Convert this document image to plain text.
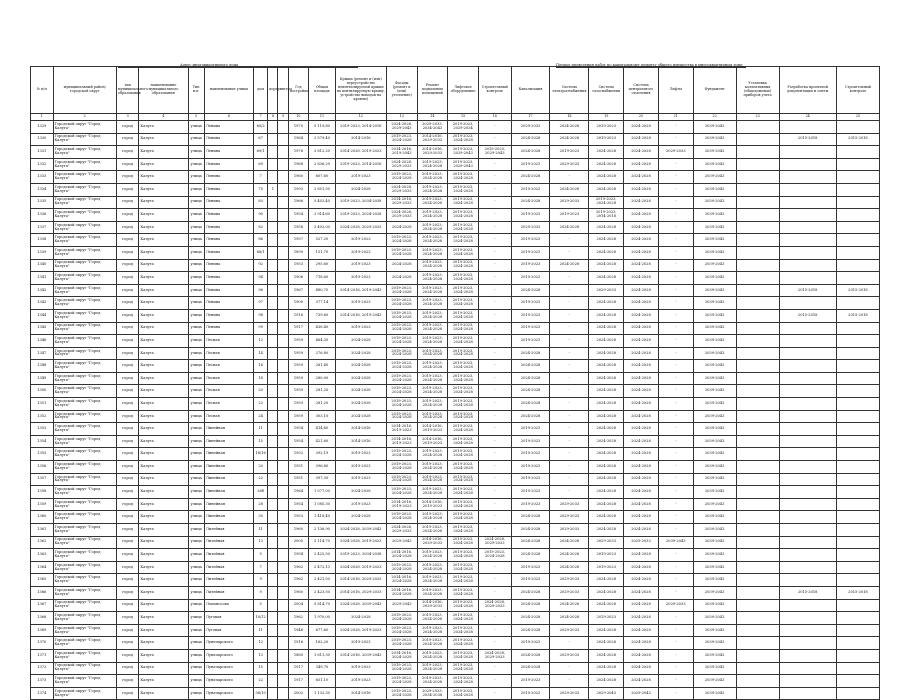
Адрес многоквартирного дома	Период проведения работ по капитальному ремонту общего имущества в многоквартирном доме
№ п/п	муниципальный район/городской округ	тип муниципального образования	наименование муниципального образования	Тип н.п.	наименование улицы	дом	корпус	литера	Год постройки	Общая площадь	Крыша (ремонт и (или) переустройство невентилируемой крыши на вентилируемую крышу, устройство выходов на кровлю)	Фасады (ремонт и (или) утепление)	Ремонт подвальных помещений	Лифтовое оборудование	Строительный контроль	Канализация	Система электроснабжения	Система газоснабжения	Система центрального отопления	Лифты	Фундамент	Установка коллективных (общедомовых) приборов учета	Разработка проектной документации и сметы	Строительный контроль
1	2	3	4	5	6	7	8	9	10	11	12	13	14	15	16	17	18	19	20	21	22	23	24	25
1329	Городской округ "Город Калуга"	город	Калуга	улица	Ленина	60/2			1970	5 119,80	2019-2023, 2014-2016	2024-2028, 2029-2043	2029-2033, 2034-2043	2019-2023, 2029-2034	-	2029-2033	2024-2028	2019-2023	2024-2028	-	2039-2043			
1330	Городской округ "Город Калуга"	город	Калуга	улица	Ленина	67			1964	2 579,40	2014-2016	2019-2023, 2024-2028	2014-2016, 2029-2033	2019-2023, 2024-2028	-	2024-2028	2024-2028	2019-2023	2024-2028	-	2039-2043		2015-2018	2015-2018
1331	Городской округ "Город Калуга"	город	Калуга	улица	Ленина	69/1			1976	3 812,20	2014-2028, 2019-2023	2014-2016, 2019-2043	2014-2016, 2029-2033	2019-2023, 2029-2043	2019-2023, 2029-2043	2024-2028	2019-2023	2024-2028	2024-2028	2029-2033	2039-2043			
1332	Городской округ "Город Калуга"	город	Калуга	улица	Ленина	69			1968	2 836,29	2019-2023, 2014-2016	2024-2028, 2029-2033	2019-2023, 2024-2028	2019-2023, 2029-2043	-	2019-2023	2029-2033	2024-2028	2024-2028	-	2039-2043			
1333	Городской округ "Город Калуга"	город	Калуга	улица	Ленина	7			1960	607,60	2019-2023	2019-2023, 2024-2028	2019-2023, 2024-2028	2019-2023, 2024-2028	-	2024-2028	-	2024-2028	2024-2028	-	2039-2043			
1334	Городской округ "Город Калуга"	город	Калуга	улица	Ленина	75	1		1993	2 851,50	2024-2028	2024-2028, 2029-2033	2019-2023, 2024-2028	2019-2023, 2024-2028	-	2019-2023	2024-2028	2024-2028	2024-2028	-	2039-2043			
1335	Городской округ "Город Калуга"	город	Калуга	улица	Ленина	83			1966	5 402,40	2019-2023, 2034-2038	2014-2016, 2029-2033	2019-2023, 2024-2028	2019-2023, 2024-2028	-	2024-2028	2029-2033	2019-2023, 2024-2028	2024-2028	-	2039-2043			
1336	Городской округ "Город Калуга"	город	Калуга	улица	Ленина	90			1954	2 914,60	2019-2023, 2024-2028	2024-2028, 2029-2033	2019-2023, 2024-2028	2019-2023, 2024-2028	-	2019-2023	2019-2023	2019-2023, 2014-2016	2024-2028	-	2039-2043			
1337	Городской округ "Город Калуга"	город	Калуга	улица	Ленина	82			1958	3 402,00	2024-2028, 2029-2033	2024-2028	2019-2023, 2024-2028	2019-2023, 2024-2028	-	2029-2033	2024-2028	2024-2028	2024-2028	-	2039-2043			
1338	Городской округ "Город Калуга"	город	Калуга	улица	Ленина	86			1957	527,20	2019-2023	2019-2023, 2024-2028	2019-2023, 2024-2028	2019-2023, 2024-2028	-	2019-2023	-	2024-2028	2024-2028	-	2039-2043			
1339	Городской округ "Город Калуга"	город	Калуга	улица	Ленина	88/1			1899	151,70	2019-2023	2019-2023, 2024-2028	2019-2023, 2024-2028	2019-2023, 2024-2028	-	2019-2023	-	2024-2028	2024-2028	-	2039-2043			
1340	Городской округ "Город Калуга"	город	Калуга	улица	Ленина	92			1953	295,60	2019-2023	2024-2028	2019-2023, 2024-2028	2019-2023, 2024-2028	-	2019-2023	2024-2028	2024-2028	2024-2028	-	2039-2043			
1341	Городской округ "Город Калуга"	город	Калуга	улица	Ленина	94			1906	718,60	2019-2023	2024-2028	2019-2023, 2024-2028	2019-2023, 2024-2028	-	2019-2023	-	2024-2028	2024-2028	-	2039-2043			
1342	Городской округ "Город Калуга"	город	Калуга	улица	Ленина	96			1967	480,70	2014-2016, 2019-2043	2019-2023, 2024-2028	2019-2023, 2024-2028	2019-2023, 2024-2028	-	2024-2028	-	2029-2033	2024-2028	-	2039-2043		2015-2018	2015-2018
1343	Городской округ "Город Калуга"	город	Калуга	улица	Ленина	97			1900	377,14	2019-2023	2019-2023, 2024-2028	2019-2023, 2024-2028	2019-2023, 2024-2028	-	2019-2023	-	2024-2028	2024-2028	-	2039-2043			
1344	Городской округ "Город Калуга"	город	Калуга	улица	Ленина	98			1916	739,60	2014-2016, 2019-2043	2019-2023, 2024-2028	2019-2023, 2024-2028	2019-2023, 2024-2028	-	2019-2023	-	2024-2028	2024-2028	-	2039-2043		2015-2018	2015-2018
1345	Городской округ "Город Калуга"	город	Калуга	улица	Ленина	99			1917	438,40	2019-2023	2019-2023, 2024-2028	2019-2023, 2024-2028	2019-2023, 2024-2028	-	2019-2023	-	2024-2028	2024-2028	-	2039-2043			
1346	Городской округ "Город Калуга"	город	Калуга	улица	Лесная	12			1959	464,30	2024-2028	2019-2023, 2024-2028	2019-2023, 2024-2028	2019-2023, 2024-2028	-	2019-2023	-	2024-2028	2024-2028	-	2039-2043			
1347	Городской округ "Город Калуга"	город	Калуга	улица	Лесная	14			1959	276,80	2024-2028	2019-2023, 2024-2028	2019-2023, 2024-2028	2019-2023, 2024-2028	-	2024-2028	-	2024-2028	2024-2028	-	2039-2043			
1348	Городской округ "Город Калуга"	город	Калуга	улица	Лесная	16			1959	281,40	2024-2028	2019-2023, 2024-2028	2019-2023, 2024-2028	2019-2023, 2024-2028	-	2024-2028	-	2024-2028	2024-2028	-	2039-2043			
1349	Городской округ "Город Калуга"	город	Калуга	улица	Лесная	18			1959	280,00	2024-2028	2019-2023, 2024-2028	2019-2023, 2024-2028	2019-2023, 2024-2028	-	2024-2028	-	2024-2028	2024-2028	-	2039-2043			
1350	Городской округ "Город Калуга"	город	Калуга	улица	Лесная	20			1959	281,20	2024-2028	2019-2023, 2024-2028	2019-2023, 2024-2028	2019-2023, 2024-2028	-	2024-2028	-	2024-2028	2024-2028	-	2039-2043			
1351	Городской округ "Город Калуга"	город	Калуга	улица	Лесная	22			1959	281,20	2024-2028	2019-2023, 2024-2028	2019-2023, 2024-2028	2019-2023, 2024-2028	-	2024-2028	-	2024-2028	2024-2028	-	2039-2043			
1352	Городской округ "Город Калуга"	город	Калуга	улица	Лесная	24			1959	303,10	2024-2028	2019-2023, 2024-2028	2019-2023, 2024-2028	2019-2023, 2024-2028	-	2024-2028	-	2024-2028	2024-2028	-	2039-2043			
1353	Городской округ "Город Калуга"	город	Калуга	улица	Линейная	11			1954	414,60	2014-2016	2014-2016, 2019-2023	2014-2016, 2019-2023	2019-2023, 2024-2028	-	2019-2023	-	2024-2028	2024-2028	-	2039-2043			
1354	Городской округ "Город Калуга"	город	Калуга	улица	Линейная	15			1954	421,60	2014-2016	2014-2016, 2019-2023	2014-2016, 2019-2023	2019-2023, 2024-2028	-	2019-2023	-	2024-2028	2024-2028	-	2039-2043			
1355	Городской округ "Город Калуга"	город	Калуга	улица	Линейная	18/16			1952	392,19	2019-2023	2019-2023, 2024-2028	2019-2023, 2024-2028	2019-2023, 2024-2028	-	2019-2023	-	2024-2028	2024-2028	-	2039-2043			
1356	Городской округ "Город Калуга"	город	Калуга	улица	Линейная	20			1951	396,60	2019-2023	2019-2023, 2024-2028	2019-2023, 2024-2028	2019-2023, 2024-2028	-	2019-2023	-	2024-2028	2024-2028	-	2039-2043			
1357	Городской округ "Город Калуга"	город	Калуга	улица	Линейная	22			1951	397,30	2019-2023	2019-2023, 2024-2028	2019-2023, 2024-2028	2019-2023, 2024-2028	-	2019-2023	-	2024-2028	2024-2028	-	2039-2043			
1358	Городской округ "Город Калуга"	город	Калуга	улица	Линейная	26б			1964	1 077,00	2024-2028	2019-2023, 2024-2028	2019-2023, 2024-2028	2019-2023, 2024-2028	-	2019-2023	-	2024-2028	2024-2028	-	2039-2043			
1359	Городской округ "Город Калуга"	город	Калуга	улица	Линейная	28			1954	1 085,30	2019-2023	2014-2016, 2019-2023	2014-2016, 2019-2023	2019-2023, 2024-2028	-	2019-2023	2029-2033	2024-2028	2024-2028	-	2039-2043			
1360	Городской округ "Город Калуга"	город	Калуга	улица	Линейная	30			1953	1 418,40	2024-2028	2019-2023, 2024-2028	2019-2023, 2024-2028	2019-2023, 2024-2028	-	2024-2028	2029-2033	2024-2028	2024-2028	-	2039-2043			
1361	Городской округ "Город Калуга"	город	Калуга	улица	Литейная	11			1960	2 136,90	2024-2028, 2039-2043	2024-2028, 2029-2033	2019-2023, 2024-2028	2019-2023, 2024-2028	-	2024-2028	2029-2033	2024-2028	2024-2028	-	2039-2043			
1362	Городской округ "Город Калуга"	город	Калуга	улица	Литейная	13			2005	5 114,70	2024-2028, 2019-2023	2029-2043	2014-2016, 2029-2033	2019-2023, 2024-2028	2024-2028, 2029-2033	2024-2028	2024-2028	2029-2033	2029-2033	2039-2043	2039-2043			
1363	Городской округ "Город Калуга"	город	Калуга	улица	Литейная	5			1994	2 425,50	2019-2023, 2034-2038	2014-2016, 2024-2028	2019-2023, 2024-2028	2019-2023, 2024-2028	2019-2023, 2024-2028	2024-2028	2024-2028	2019-2023	2024-2028	-	2039-2043			
1364	Городской округ "Город Калуга"	город	Калуга	улица	Литейная	7			1962	2 472,13	2024-2028, 2019-2023	2019-2023, 2024-2028	2019-2023, 2024-2028	2019-2023, 2024-2028	-	2019-2023	2024-2028	2019-2023	2024-2028	-	2039-2043			
1365	Городской округ "Город Калуга"	город	Калуга	улица	Литейная	9			1962	2 421,50	2014-2016, 2029-2033	2014-2016, 2024-2028	2019-2023, 2024-2028	2019-2023, 2024-2028	-	2019-2023	2029-2033	2024-2028	2024-2028	-	2039-2043			
1366	Городской округ "Город Калуга"	город	Калуга	улица	Литейная	9			1960	2 423,50	2014-2016, 2029-2033	2014-2016, 2024-2028	2019-2023, 2024-2028	2019-2023, 2024-2028	-	2024-2028	2029-2033	2024-2028	2024-2028	-	2039-2043		2015-2018	2015-2018
1367	Городской округ "Город Калуга"	город	Калуга	улица	Ломоносова	5			2004	5 814,70	2024-2028, 2039-2043	2029-2043	2014-2016, 2029-2033	2019-2023, 2024-2028	2024-2028, 2029-2033	2024-2028	2024-2028	2024-2028	2024-2028	2029-2033	2039-2043			
1368	Городской округ "Город Калуга"	город	Калуга	улица	Луговая	10/12			1962	1 970,00	2024-2028	2019-2023, 2024-2028	2019-2023, 2024-2028	2019-2023, 2024-2028	-	2024-2028	2024-2028	2019-2023	2024-2028	-	2039-2043			
1369	Городской округ "Город Калуга"	город	Калуга	улица	Луговая	11			1946	677,60	2024-2028, 2019-2023	2019-2023, 2024-2028	2019-2023, 2024-2028	2019-2023, 2024-2028	-	2024-2028	2029-2033	2024-2028	2024-2028	-	2039-2043			
1370	Городской округ "Город Калуга"	город	Калуга	улица	Луначарского	12			1916	162,20	2019-2023	2019-2023, 2024-2028	2019-2023, 2024-2028	2019-2023, 2024-2028	-	2019-2023	-	2024-2028	2024-2028	-	2039-2043			
1371	Городской округ "Город Калуга"	город	Калуга	улица	Луначарского	13			1880	1 611,30	2014-2016, 2039-2043	2014-2016, 2024-2028	2019-2023, 2024-2028	2019-2023, 2024-2028	2024-2028, 2029-2033	2024-2028	2029-2033	2024-2028	2024-2028	-	2039-2043			
1372	Городской округ "Город Калуга"	город	Калуга	улица	Луначарского	15			1917	349,70	2019-2023	2019-2023, 2024-2028	2019-2023, 2024-2028	2019-2023, 2024-2028	-	2024-2028	-	2024-2028	2024-2028	-	2039-2043			
1373	Городской округ "Город Калуга"	город	Калуга	улица	Луначарского	22			1917	651,10	2019-2023	2019-2023, 2024-2028	2019-2023, 2024-2028	2019-2023, 2024-2028	-	2019-2023	-	2024-2028	2024-2028	-	2039-2043			
1374	Городской округ "Город Калуга"	город	Калуга	улица	Луначарского	38/10			2002	1 132,30	2014-2016	2019-2023, 2024-2028	2029-2033, 2034-2038	2019-2023, 2024-2028	-	2019-2023	2029-2033	2029-2043	2029-2043	-	2039-2043			
